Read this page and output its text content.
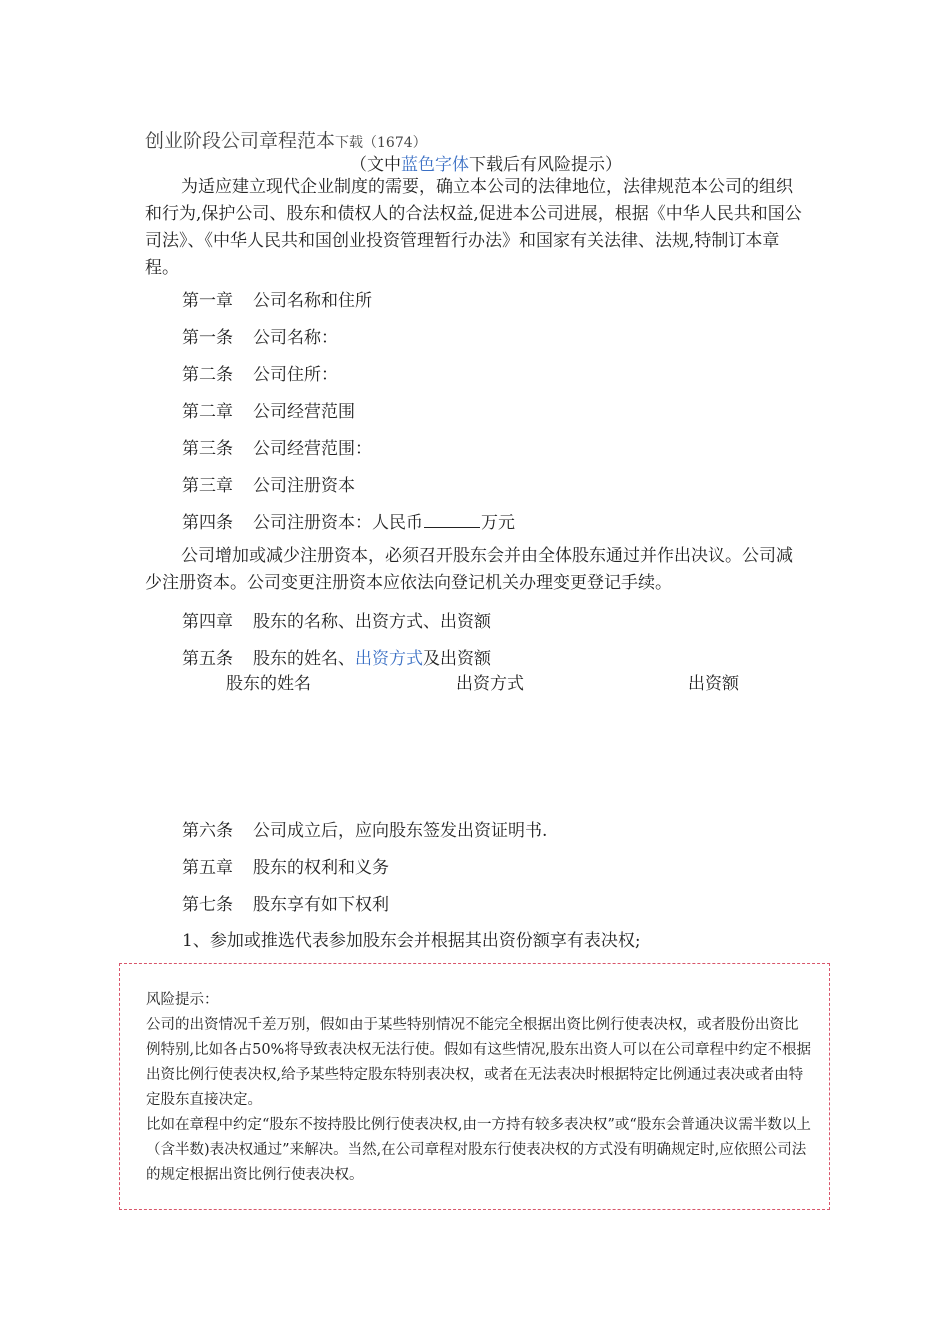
创业阶段公司章程范本下载（1674）
（文中蓝色字体下载后有风险提示）
为适应建立现代企业制度的需要，确立本公司的法律地位，法律规范本公司的组织和行为,保护公司、股东和债权人的合法权益,促进本公司进展，根据《中华人民共和国公司法》、《中华人民共和国创业投资管理暂行办法》和国家有关法律、法规,特制订本章程。
第一章 公司名称和住所
第一条 公司名称：
第二条 公司住所：
第二章 公司经营范围
第三条 公司经营范围：
第三章 公司注册资本
第四条 公司注册资本：人民币	万元
公司增加或减少注册资本，必须召开股东会并由全体股东通过并作出决议。公司减少注册资本。公司变更注册资本应依法向登记机关办理变更登记手续。
第四章 股东的名称、出资方式、出资额
第五条 股东的姓名、出资方式及出资额
股东的姓名	出资方式	出资额
第六条 公司成立后，应向股东签发出资证明书.
第五章 股东的权利和义务
第七条 股东享有如下权利
1、参加或推选代表参加股东会并根据其出资份额享有表决权;
风险提示：
公司的出资情况千差万别，假如由于某些特别情况不能完全根据出资比例行使表决权，或者股份出资比例特别,比如各占50%将导致表决权无法行使。假如有这些情况,股东出资人可以在公司章程中约定不根据出资比例行使表决权,给予某些特定股东特别表决权，或者在无法表决时根据特定比例通过表决或者由特定股东直接决定。
比如在章程中约定“股东不按持股比例行使表决权,由一方持有较多表决权”或“股东会普通决议需半数以上（含半数)表决权通过”来解决。当然,在公司章程对股东行使表决权的方式没有明确规定时,应依照公司法的规定根据出资比例行使表决权。
